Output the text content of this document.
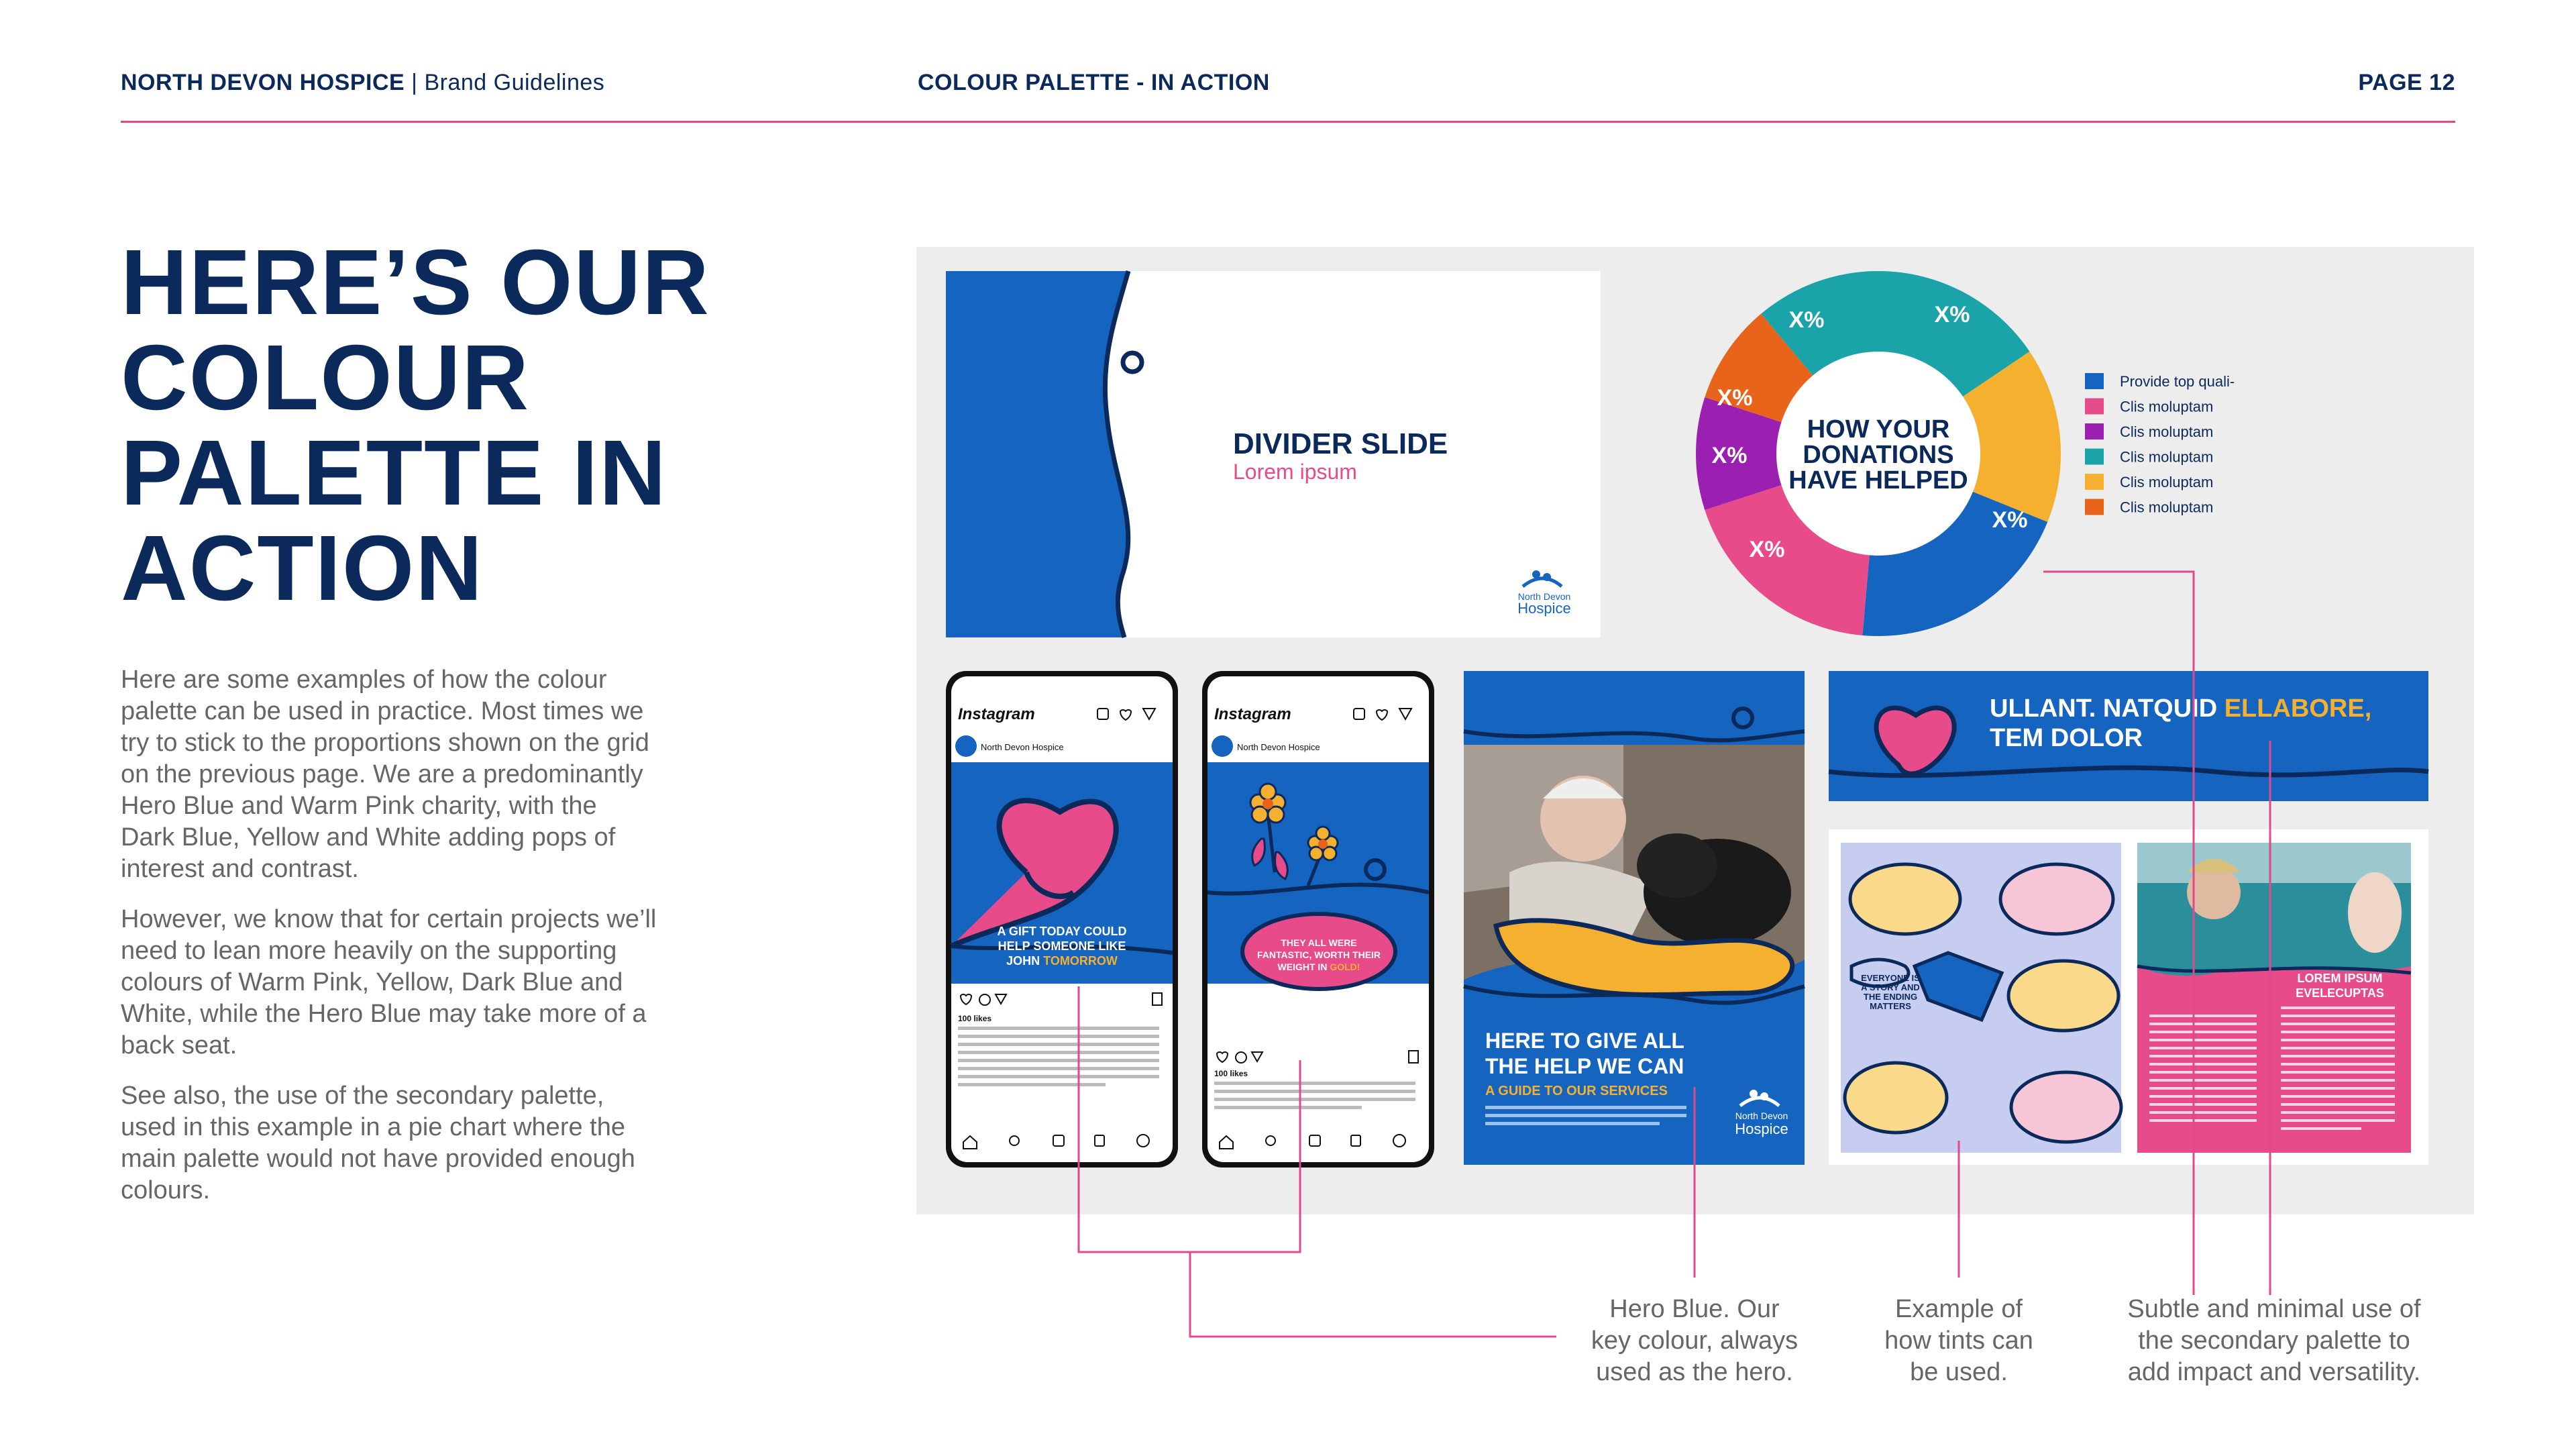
NORTH DEVON HOSPICE | Brand Guidelines	COLOUR PALETTE - IN ACTION	PAGE 12
HERE’S OUR
COLOUR
PALETTE IN
ACTION

Here are some examples of how the colour palette can be used in practice. Most times we try to stick to the proportions shown on the grid on the previous page. We are a predominantly Hero Blue and Warm Pink charity, with the Dark Blue, Yellow and White adding pops of interest and contrast.

However, we know that for certain projects we’ll need to lean more heavily on the supporting colours of Warm Pink, Yellow, Dark Blue and White, while the Hero Blue may take more of a back seat.

See also, the use of the secondary palette, used in this example in a pie chart where the main palette would not have provided enough colours.

DIVIDER SLIDE
Lorem ipsum
North Devon
Hospice
HOW YOUR
DONATIONS
HAVE HELPED
X%	X%
X%
X%
X%
X%
Provide top quali-
Clis moluptam
Clis moluptam
Clis moluptam
Clis moluptam
Clis moluptam
Instagram
North Devon Hospice
A GIFT TODAY COULD
HELP SOMEONE LIKE
JOHN TOMORROW
100 likes
Instagram
North Devon Hospice
THEY ALL WERE
FANTASTIC, WORTH THEIR
WEIGHT IN GOLD!
100 likes
HERE TO GIVE ALL
THE HELP WE CAN
A GUIDE TO OUR SERVICES
North Devon
Hospice
ULLANT. NATQUID ELLABORE,
TEM DOLOR
EVERYONE IS
A STORY AND
THE ENDING
MATTERS
LOREM IPSUM
EVELECUPTAS
Hero Blue. Our
key colour, always
used as the hero.
Example of
how tints can
be used.
Subtle and minimal use of
the secondary palette to
add impact and versatility.
